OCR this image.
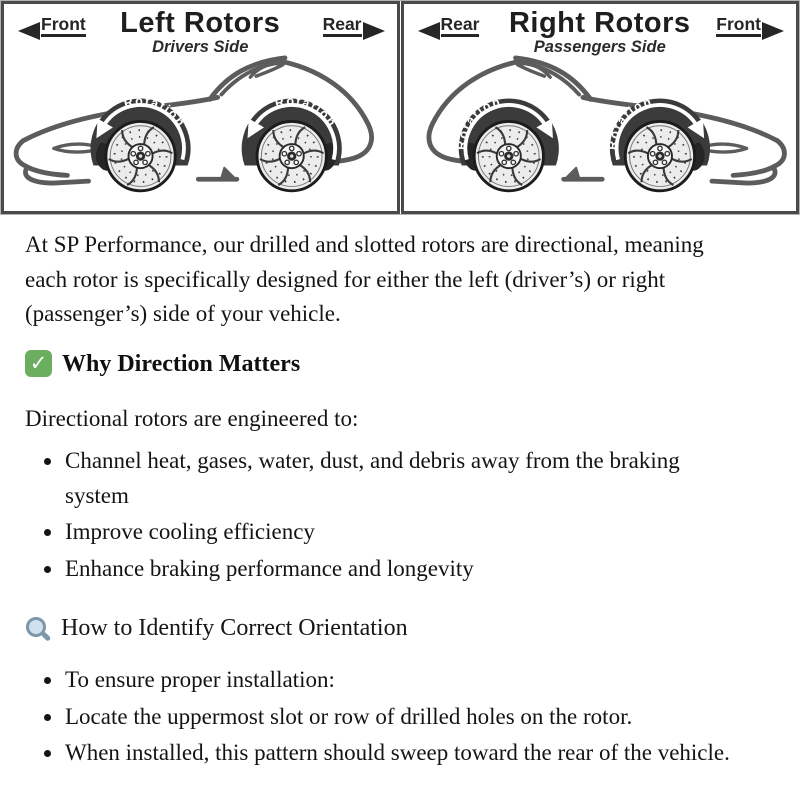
Front	Left Rotors
Drivers Side
Rear	Rear	Right Rotors
Passengers Side
Front

At SP Performance, our drilled and slotted rotors are directional, meaning each rotor is specifically designed for either the left (driver’s) or right (passenger’s) side of your vehicle.

✓ Why Direction Matters

Directional rotors are engineered to:

• Channel heat, gases, water, dust, and debris away from the braking system
• Improve cooling efficiency
• Enhance braking performance and longevity
How to Identify Correct Orientation
• To ensure proper installation:
• Locate the uppermost slot or row of drilled holes on the rotor.
• When installed, this pattern should sweep toward the rear of the vehicle.
